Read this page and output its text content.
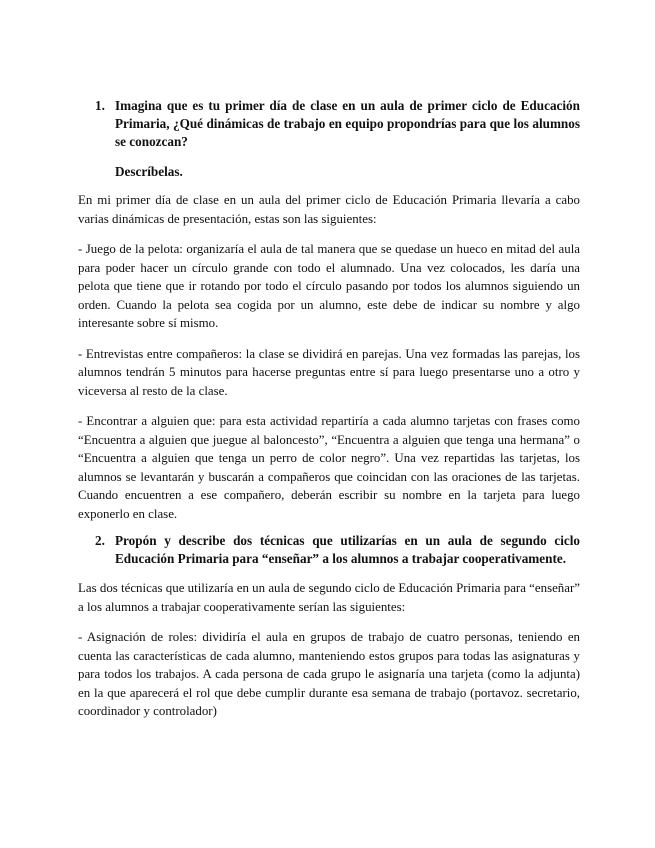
1. Imagina que es tu primer día de clase en un aula de primer ciclo de Educación Primaria, ¿Qué dinámicas de trabajo en equipo propondrías para que los alumnos se conozcan?
Descríbelas.

En mi primer día de clase en un aula del primer ciclo de Educación Primaria llevaría a cabo varias dinámicas de presentación, estas son las siguientes:

- Juego de la pelota: organizaría el aula de tal manera que se quedase un hueco en mitad del aula para poder hacer un círculo grande con todo el alumnado. Una vez colocados, les daría una pelota que tiene que ir rotando por todo el círculo pasando por todos los alumnos siguiendo un orden. Cuando la pelota sea cogida por un alumno, este debe de indicar su nombre y algo interesante sobre sí mismo.

- Entrevistas entre compañeros: la clase se dividirá en parejas. Una vez formadas las parejas, los alumnos tendrán 5 minutos para hacerse preguntas entre sí para luego presentarse uno a otro y viceversa al resto de la clase.

- Encontrar a alguien que: para esta actividad repartiría a cada alumno tarjetas con frases como “Encuentra a alguien que juegue al baloncesto”, “Encuentra a alguien que tenga una hermana” o “Encuentra a alguien que tenga un perro de color negro”. Una vez repartidas las tarjetas, los alumnos se levantarán y buscarán a compañeros que coincidan con las oraciones de las tarjetas. Cuando encuentren a ese compañero, deberán escribir su nombre en la tarjeta para luego exponerlo en clase.

2. Propón y describe dos técnicas que utilizarías en un aula de segundo ciclo Educación Primaria para “enseñar” a los alumnos a trabajar cooperativamente.

Las dos técnicas que utilizaría en un aula de segundo ciclo de Educación Primaria para “enseñar” a los alumnos a trabajar cooperativamente serían las siguientes:

- Asignación de roles: dividiría el aula en grupos de trabajo de cuatro personas, teniendo en cuenta las características de cada alumno, manteniendo estos grupos para todas las asignaturas y para todos los trabajos. A cada persona de cada grupo le asignaría una tarjeta (como la adjunta) en la que aparecerá el rol que debe cumplir durante esa semana de trabajo (portavoz. secretario, coordinador y controlador)
